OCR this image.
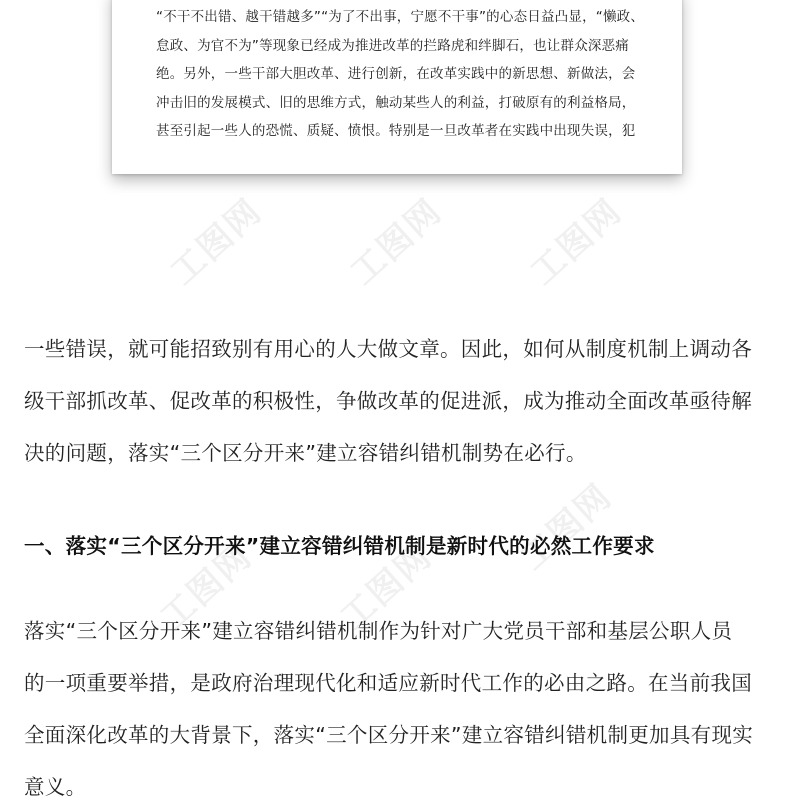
工图网 工图网 工图网
工图网 工图网
工图网
“不干不出错、越干错越多”“为了不出事，宁愿不干事”的心态日益凸显，“懒政、
怠政、为官不为”等现象已经成为推进改革的拦路虎和绊脚石，也让群众深恶痛
绝。另外，一些干部大胆改革、进行创新，在改革实践中的新思想、新做法，会
冲击旧的发展模式、旧的思维方式，触动某些人的利益，打破原有的利益格局，
甚至引起一些人的恐慌、质疑、愤恨。特别是一旦改革者在实践中出现失误，犯
一些错误，就可能招致别有用心的人大做文章。因此，如何从制度机制上调动各
级干部抓改革、促改革的积极性，争做改革的促进派，成为推动全面改革亟待解
决的问题，落实“三个区分开来”建立容错纠错机制势在必行。
一、落实“三个区分开来”建立容错纠错机制是新时代的必然工作要求
落实“三个区分开来”建立容错纠错机制作为针对广大党员干部和基层公职人员
的一项重要举措，是政府治理现代化和适应新时代工作的必由之路。在当前我国
全面深化改革的大背景下，落实“三个区分开来”建立容错纠错机制更加具有现实
意义。
